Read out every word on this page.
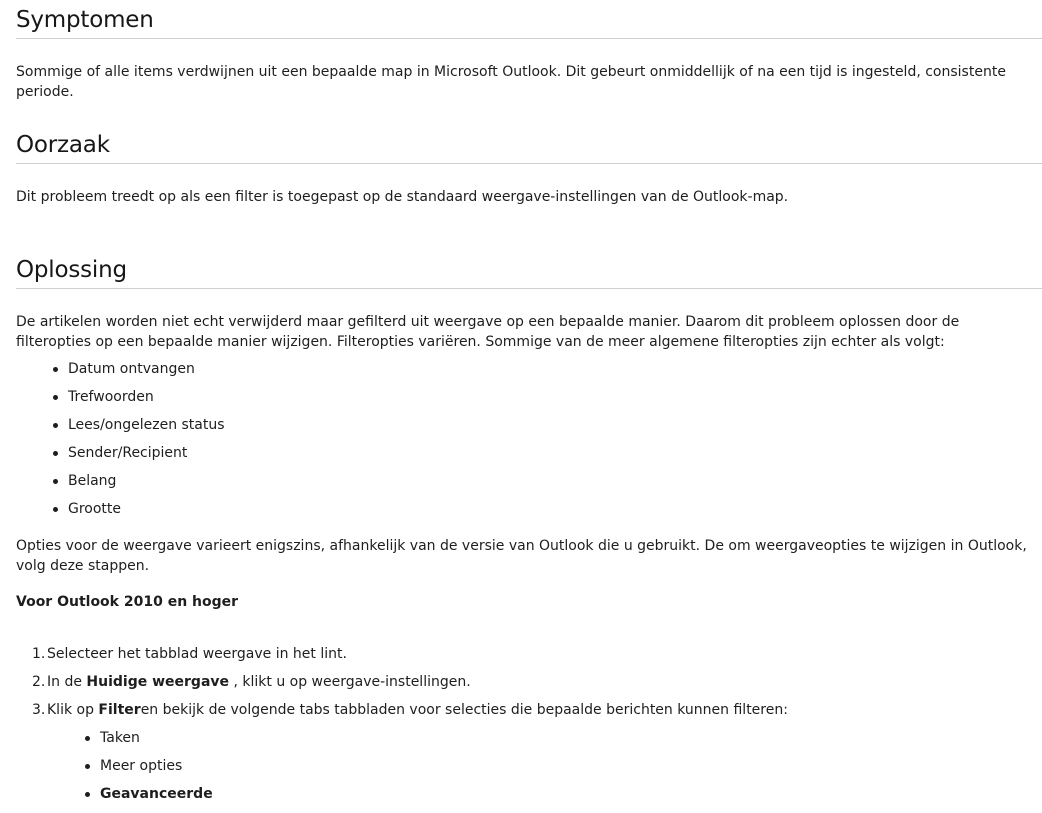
Symptomen

Sommige of alle items verdwijnen uit een bepaalde map in Microsoft Outlook. Dit gebeurt onmiddellijk of na een tijd is ingesteld, consistente periode.

Oorzaak

Dit probleem treedt op als een filter is toegepast op de standaard weergave-instellingen van de Outlook-map.

Oplossing

De artikelen worden niet echt verwijderd maar gefilterd uit weergave op een bepaalde manier. Daarom dit probleem oplossen door de filteropties op een bepaalde manier wijzigen. Filteropties variëren. Sommige van de meer algemene filteropties zijn echter als volgt:

Datum ontvangen
Trefwoorden
Lees/ongelezen status
Sender/Recipient
Belang
Grootte

Opties voor de weergave varieert enigszins, afhankelijk van de versie van Outlook die u gebruikt. De om weergaveopties te wijzigen in Outlook, volg deze stappen.

Voor Outlook 2010 en hoger

1. Selecteer het tabblad weergave in het lint.
2. In de Huidige weergave , klikt u op weergave-instellingen.
3. Klik op Filteren bekijk de volgende tabs tabbladen voor selecties die bepaalde berichten kunnen filteren:
Taken
Meer opties
Geavanceerde
